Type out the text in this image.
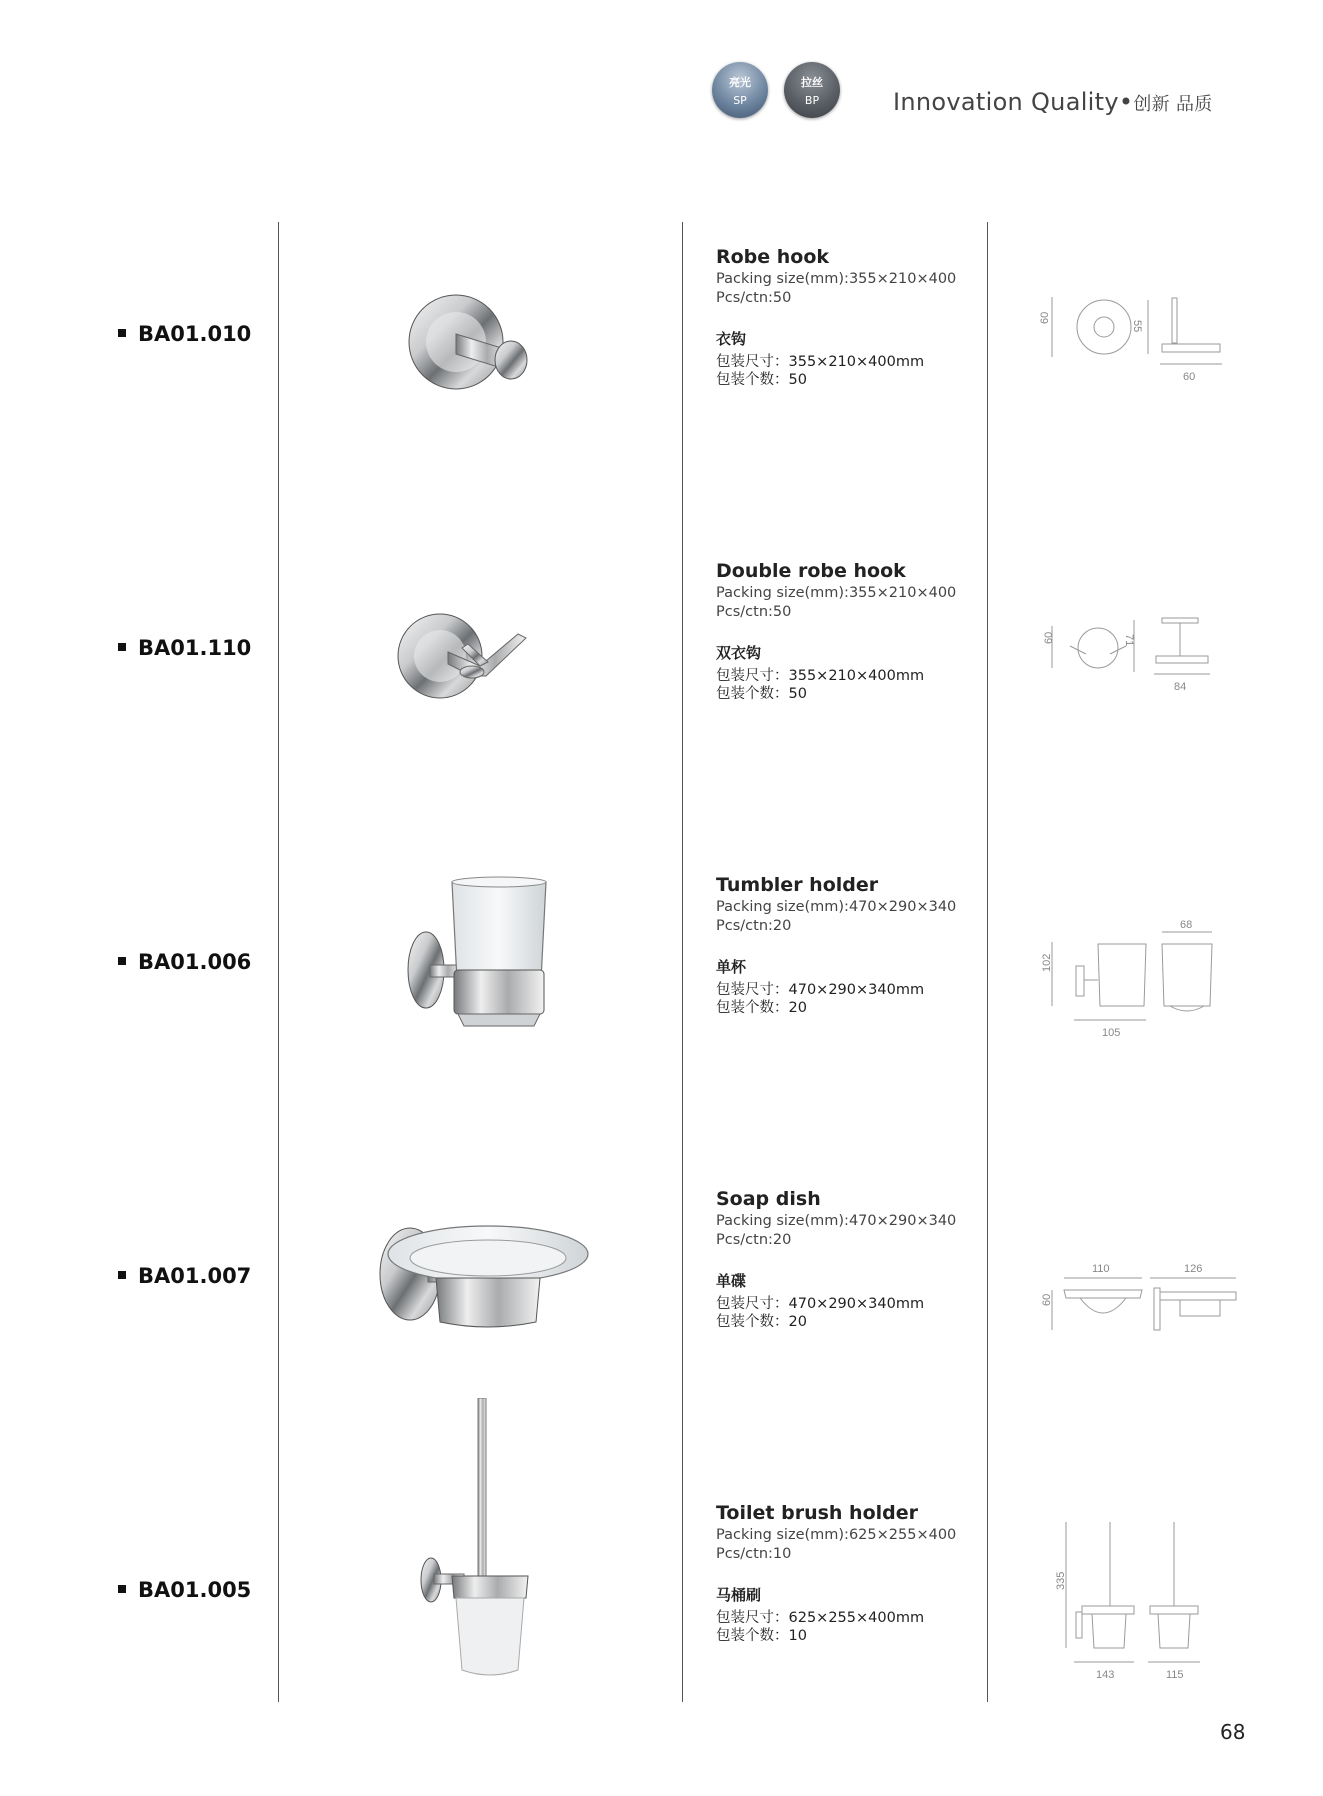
亮光
SP
拉丝
BP	Innovation Quality•创新 品质
BA01.010
Robe hook
Packing size(mm):355×210×400
Pcs/ctn:50
衣钩
包装尺寸：355×210×400mm
包装个数：50
60
55
60
BA01.110
Double robe hook
Packing size(mm):355×210×400
Pcs/ctn:50
双衣钩
包装尺寸：355×210×400mm
包装个数：50
60	71
84
BA01.006
Tumbler holder
Packing size(mm):470×290×340
Pcs/ctn:20
单杯
包装尺寸：470×290×340mm
包装个数：20
102
105
68
BA01.007
Soap dish
Packing size(mm):470×290×340
Pcs/ctn:20
单碟
包装尺寸：470×290×340mm
包装个数：20
110	126
60
BA01.005
Toilet brush holder
Packing size(mm):625×255×400
Pcs/ctn:10
马桶刷
包装尺寸：625×255×400mm
包装个数：10
335
143	115
68
